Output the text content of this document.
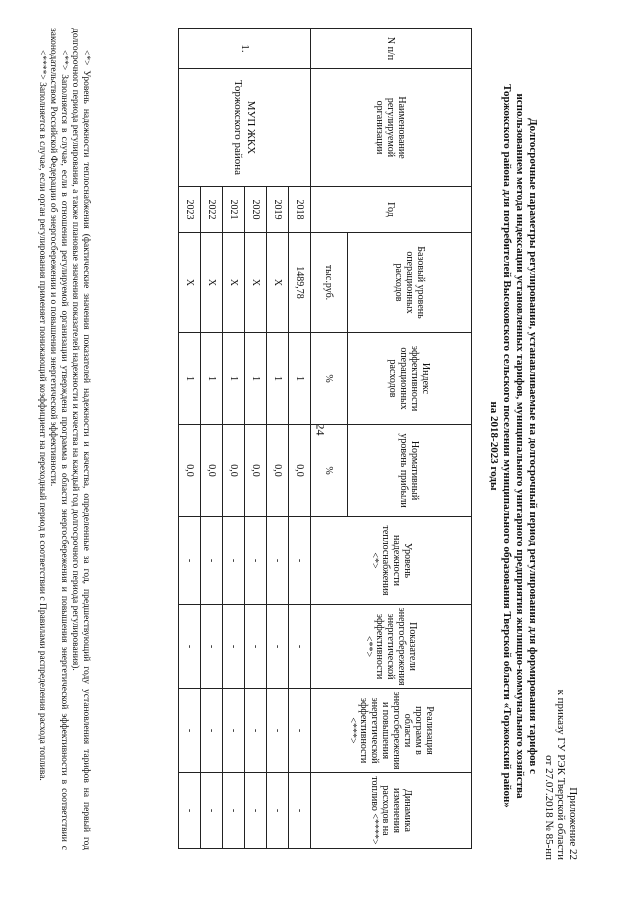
24
Приложение 22
к приказу ГУ РЭК Тверской области
от 27.07.2018 № 85-нп
Долгосрочные параметры регулирования, устанавливаемые на долгосрочный период регулирования для формирования тарифов с
использованием метода индексации установленных тарифов, муниципального унитарного предприятия жилищно-коммунального хозяйства
Торжокского района для потребителей Высоковского сельского поселения муниципального образования Тверской области «Торжокский район»
на 2018-2023 годы
N п/п	Наименование регулируемой организации	Год	Базовый уровень операционных расходов	Индекс эффективности операционных расходов	Нормативный уровень прибыли	Уровень надежности теплоснабжения <*>	Показатели энергосбережения энергетической эффективности <**>	Реализация программ в области энергосбережения и повышения энергетической эффективности <***>	Динамика изменения расходов на топливо <****>
			тыс.руб.	%	%				
1.	МУП ЖКХ Торжокского района	2018	1489,78	1	0,0	-	-	-	-
		2019	X	1	0,0	-	-	-	-
		2020	X	1	0,0	-	-	-	-
		2021	X	1	0,0	-	-	-	-
		2022	X	1	0,0	-	-	-	-
		2023	X	1	0,0	-	-	-	-

<*> Уровень надежности теплоснабжения (фактические значения показателей надежности и качества, определенные за год, предшествующий году установления тарифов на первый год долгосрочного периода регулирования, а также плановые значения показателей надежности и качества на каждый год долгосрочного периода регулирования).

<**> Заполняется в случае, если в отношении регулируемой организации утверждена программа в области энергосбережения и повышения энергетической эффективности в соответствии с законодательством Российской Федерации об энергосбережении и о повышении энергетической эффективности.

<****> Заполняется в случае, если орган регулирования применяет понижающий коэффициент на переходный период в соответствии с Правилами распределения расхода топлива.
